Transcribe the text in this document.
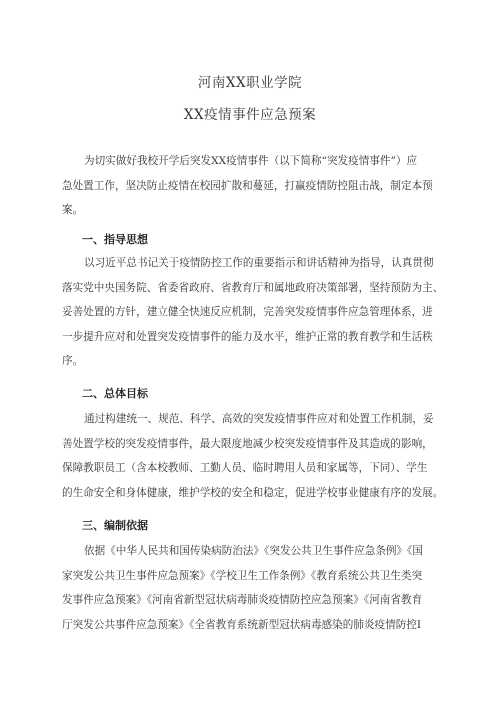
河南XX职业学院
XX疫情事件应急预案
为切实做好我校开学后突发XX疫情事件（以下简称“突发疫情事件”）应
急处置工作，坚决防止疫情在校园扩散和蔓延，打赢疫情防控阻击战，制定本预
案。
一、指导思想
以习近平总书记关于疫情防控工作的重要指示和讲话精神为指导，认真贯彻
落实党中央国务院、省委省政府、省教育厅和属地政府决策部署，坚持预防为主、
妥善处置的方针，建立健全快速反应机制，完善突发疫情事件应急管理体系，进
一步提升应对和处置突发疫情事件的能力及水平，维护正常的教育教学和生活秩
序。
二、总体目标
通过构建统一、规范、科学、高效的突发疫情事件应对和处置工作机制，妥
善处置学校的突发疫情事件，最大限度地减少校突发疫情事件及其造成的影响，
保障教职员工（含本校教师、工勤人员、临时聘用人员和家属等，下同）、学生
的生命安全和身体健康，维护学校的安全和稳定，促进学校事业健康有序的发展。
三、编制依据
依据《中华人民共和国传染病防治法》《突发公共卫生事件应急条例》《国
家突发公共卫生事件应急预案》《学校卫生工作条例》《教育系统公共卫生类突
发事件应急预案》《河南省新型冠状病毒肺炎疫情防控应急预案》《河南省教育
厅突发公共事件应急预案》《全省教育系统新型冠状病毒感染的肺炎疫情防控Ⅰ
